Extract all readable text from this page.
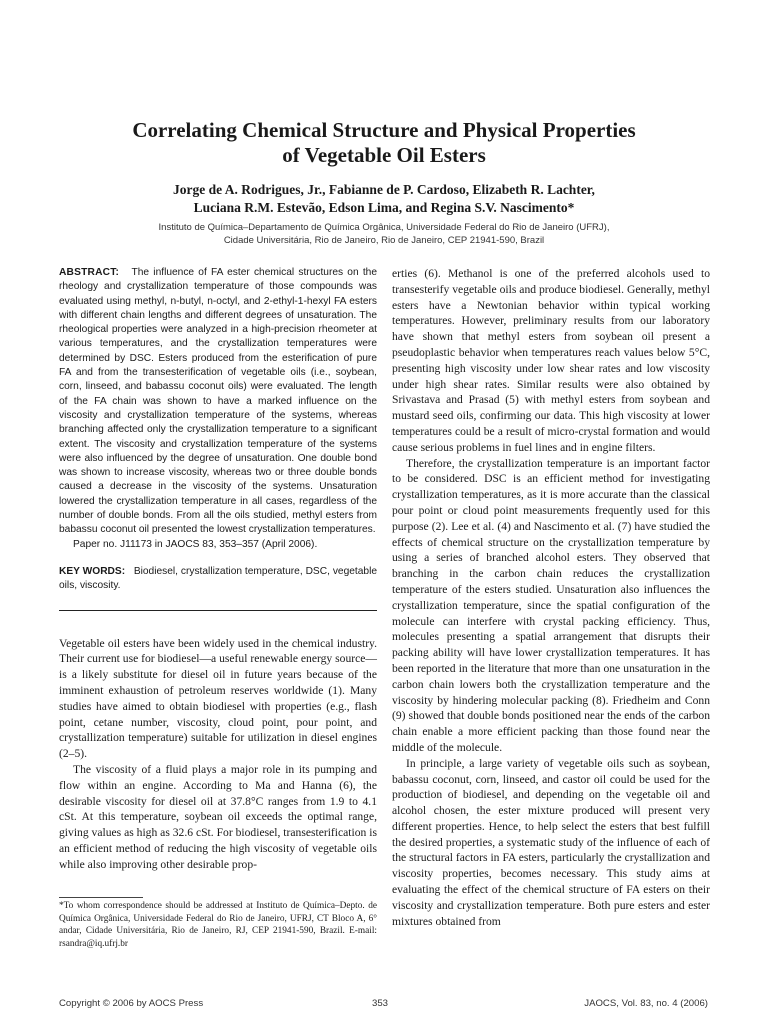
Correlating Chemical Structure and Physical Properties
of Vegetable Oil Esters
Jorge de A. Rodrigues, Jr., Fabianne de P. Cardoso, Elizabeth R. Lachter,
Luciana R.M. Estevão, Edson Lima, and Regina S.V. Nascimento*
Instituto de Química–Departamento de Química Orgânica, Universidade Federal do Rio de Janeiro (UFRJ),
Cidade Universitária, Rio de Janeiro, Rio de Janeiro, CEP 21941-590, Brazil

ABSTRACT: The influence of FA ester chemical structures on the rheology and crystallization temperature of those compounds was evaluated using methyl, n-butyl, n-octyl, and 2-ethyl-1-hexyl FA esters with different chain lengths and different degrees of unsaturation. The rheological properties were analyzed in a high-precision rheometer at various temperatures, and the crystallization temperatures were determined by DSC. Esters produced from the esterification of pure FA and from the transesterification of vegetable oils (i.e., soybean, corn, linseed, and babassu coconut oils) were evaluated. The length of the FA chain was shown to have a marked influence on the viscosity and crystallization temperature of the systems, whereas branching affected only the crystallization temperature to a significant extent. The viscosity and crystallization temperature of the systems were also influenced by the degree of unsaturation. One double bond was shown to increase viscosity, whereas two or three double bonds caused a decrease in the viscosity of the systems. Unsaturation lowered the crystallization temperature in all cases, regardless of the number of double bonds. From all the oils studied, methyl esters from babassu coconut oil presented the lowest crystallization temperatures.

Paper no. J11173 in JAOCS 83, 353–357 (April 2006).

KEY WORDS: Biodiesel, crystallization temperature, DSC, vegetable oils, viscosity.

Vegetable oil esters have been widely used in the chemical industry. Their current use for biodiesel—a useful renewable energy source—is a likely substitute for diesel oil in future years because of the imminent exhaustion of petroleum reserves worldwide (1). Many studies have aimed to obtain biodiesel with properties (e.g., flash point, cetane number, viscosity, cloud point, pour point, and crystallization temperature) suitable for utilization in diesel engines (2–5).

The viscosity of a fluid plays a major role in its pumping and flow within an engine. According to Ma and Hanna (6), the desirable viscosity for diesel oil at 37.8°C ranges from 1.9 to 4.1 cSt. At this temperature, soybean oil exceeds the optimal range, giving values as high as 32.6 cSt. For biodiesel, transesterification is an efficient method of reducing the high viscosity of vegetable oils while also improving other desirable prop-

erties (6). Methanol is one of the preferred alcohols used to transesterify vegetable oils and produce biodiesel. Generally, methyl esters have a Newtonian behavior within typical working temperatures. However, preliminary results from our laboratory have shown that methyl esters from soybean oil present a pseudoplastic behavior when temperatures reach values below 5°C, presenting high viscosity under low shear rates and low viscosity under high shear rates. Similar results were also obtained by Srivastava and Prasad (5) with methyl esters from soybean and mustard seed oils, confirming our data. This high viscosity at lower temperatures could be a result of micro-crystal formation and would cause serious problems in fuel lines and in engine filters.

Therefore, the crystallization temperature is an important factor to be considered. DSC is an efficient method for investigating crystallization temperatures, as it is more accurate than the classical pour point or cloud point measurements frequently used for this purpose (2). Lee et al. (4) and Nascimento et al. (7) have studied the effects of chemical structure on the crystallization temperature by using a series of branched alcohol esters. They observed that branching in the carbon chain reduces the crystallization temperature of the esters studied. Unsaturation also influences the crystallization temperature, since the spatial configuration of the molecule can interfere with crystal packing efficiency. Thus, molecules presenting a spatial arrangement that disrupts their packing ability will have lower crystallization temperatures. It has been reported in the literature that more than one unsaturation in the carbon chain lowers both the crystallization temperature and the viscosity by hindering molecular packing (8). Friedheim and Conn (9) showed that double bonds positioned near the ends of the carbon chain enable a more efficient packing than those found near the middle of the molecule.

In principle, a large variety of vegetable oils such as soybean, babassu coconut, corn, linseed, and castor oil could be used for the production of biodiesel, and depending on the vegetable oil and alcohol chosen, the ester mixture produced will present very different properties. Hence, to help select the esters that best fulfill the desired properties, a systematic study of the influence of each of the structural factors in FA esters, particularly the crystallization and viscosity properties, becomes necessary. This study aims at evaluating the effect of the chemical structure of FA esters on their viscosity and crystallization temperature. Both pure esters and ester mixtures obtained from

*To whom correspondence should be addressed at Instituto de Química–Depto. de Química Orgânica, Universidade Federal do Rio de Janeiro, UFRJ, CT Bloco A, 6° andar, Cidade Universitária, Rio de Janeiro, RJ, CEP 21941-590, Brazil. E-mail: rsandra@iq.ufrj.br

Copyright © 2006 by AOCS Press	353	JAOCS, Vol. 83, no. 4 (2006)
